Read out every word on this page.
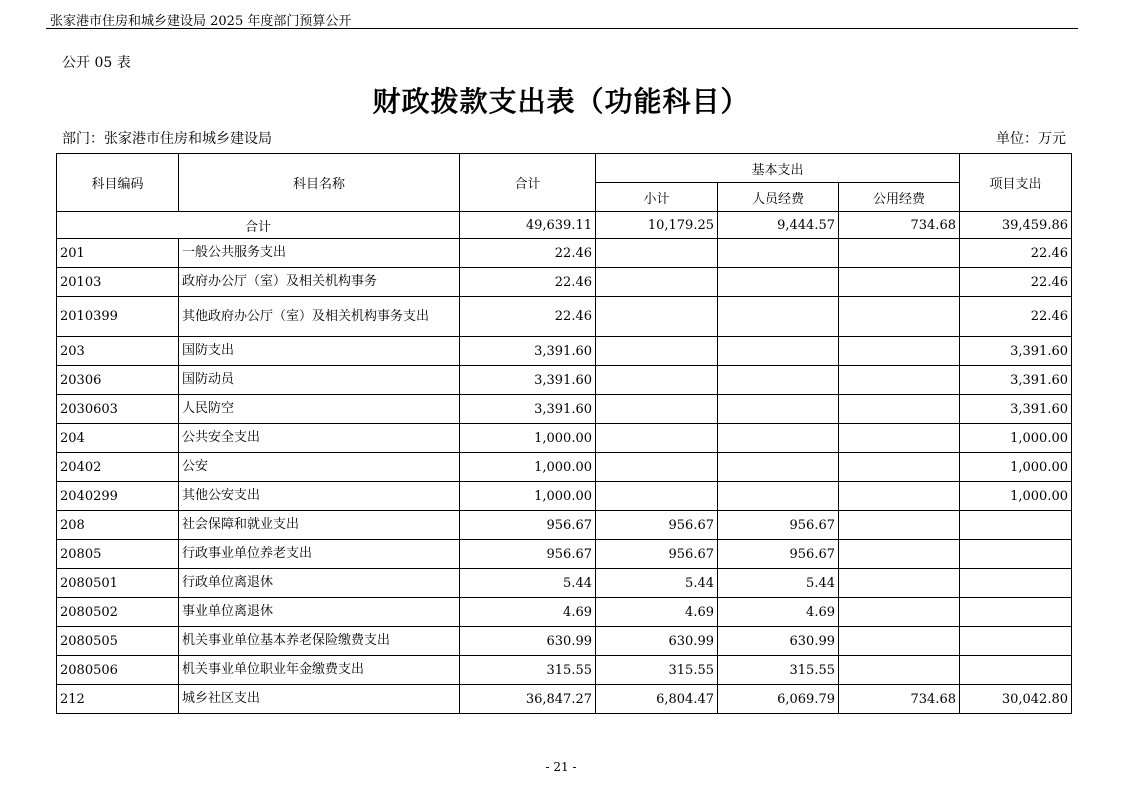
张家港市住房和城乡建设局 2025 年度部门预算公开
公开 05 表
财政拨款支出表（功能科目）
部门：张家港市住房和城乡建设局	单位：万元
科目编码	科目名称	合计	基本支出			项目支出
			小计	人员经费	公用经费	
合计		49,639.11	10,179.25	9,444.57	734.68	39,459.86
201	一般公共服务支出	22.46				22.46
20103	政府办公厅（室）及相关机构事务	22.46				22.46
2010399	其他政府办公厅（室）及相关机构事务支出	22.46				22.46
203	国防支出	3,391.60				3,391.60
20306	国防动员	3,391.60				3,391.60
2030603	人民防空	3,391.60				3,391.60
204	公共安全支出	1,000.00				1,000.00
20402	公安	1,000.00				1,000.00
2040299	其他公安支出	1,000.00				1,000.00
208	社会保障和就业支出	956.67	956.67	956.67		
20805	行政事业单位养老支出	956.67	956.67	956.67		
2080501	行政单位离退休	5.44	5.44	5.44		
2080502	事业单位离退休	4.69	4.69	4.69		
2080505	机关事业单位基本养老保险缴费支出	630.99	630.99	630.99		
2080506	机关事业单位职业年金缴费支出	315.55	315.55	315.55		
212	城乡社区支出	36,847.27	6,804.47	6,069.79	734.68	30,042.80
- 21 -
